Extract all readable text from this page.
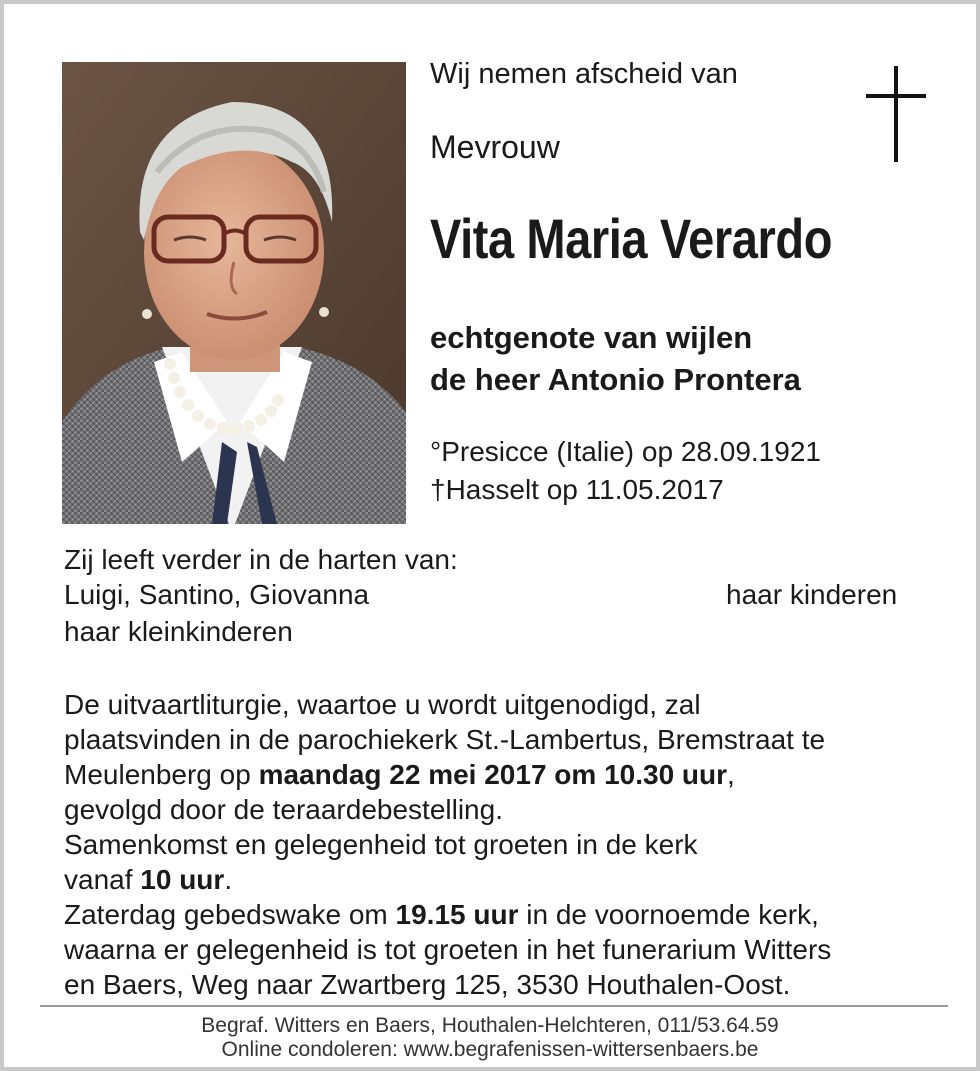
Wij nemen afscheid van
Mevrouw
Vita Maria Verardo
echtgenote van wijlen
de heer Antonio Prontera
°Presicce (Italie) op 28.09.1921
†Hasselt op 11.05.2017
Zij leeft verder in de harten van:
Luigi, Santino, Giovanna	haar kinderen
haar kleinkinderen
De uitvaartliturgie, waartoe u wordt uitgenodigd, zal
plaatsvinden in de parochiekerk St.-Lambertus, Bremstraat te
Meulenberg op maandag 22 mei 2017 om 10.30 uur,
gevolgd door de teraardebestelling.
Samenkomst en gelegenheid tot groeten in de kerk
vanaf 10 uur.
Zaterdag gebedswake om 19.15 uur in de voornoemde kerk,
waarna er gelegenheid is tot groeten in het funerarium Witters
en Baers, Weg naar Zwartberg 125, 3530 Houthalen-Oost.
Begraf. Witters en Baers, Houthalen-Helchteren, 011/53.64.59
Online condoleren: www.begrafenissen-wittersenbaers.be
